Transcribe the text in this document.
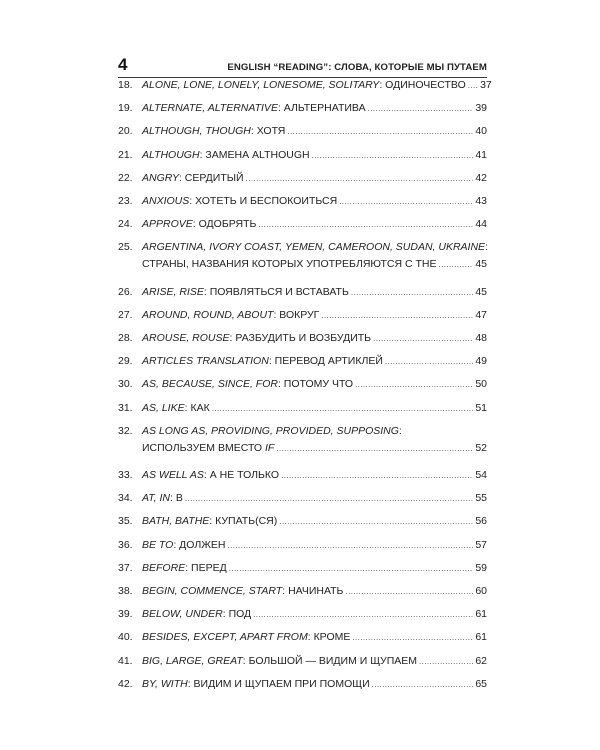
4	ENGLISH “READING”: СЛОВА, КОТОРЫЕ МЫ ПУТАЕМ
18. ALONE, LONE, LONELY, LONESOME, SOLITARY: ОДИНОЧЕСТВО ..... 37
19. ALTERNATE, ALTERNATIVE: АЛЬТЕРНАТИВА .....	39
20. ALTHOUGH, THOUGH: ХОТЯ .....	40
21. ALTHOUGH: ЗАМЕНА ALTHOUGH .....	41
22. ANGRY: СЕРДИТЫЙ .....	42
23. ANXIOUS: ХОТЕТЬ И БЕСПОКОИТЬСЯ .....	43
24. APPROVE: ОДОБРЯТЬ .....	44
25. ARGENTINA, IVORY COAST, YEMEN, CAMEROON, SUDAN, UKRAINE:
СТРАНЫ, НАЗВАНИЯ КОТОРЫХ УПОТРЕБЛЯЮТСЯ С THE .....	45
26. ARISE, RISE: ПОЯВЛЯТЬСЯ И ВСТАВАТЬ .....	45
27. AROUND, ROUND, ABOUT: ВОКРУГ .....	47
28. AROUSE, ROUSE: РАЗБУДИТЬ И ВОЗБУДИТЬ .....	48
29. ARTICLES TRANSLATION: ПЕРЕВОД АРТИКЛЕЙ .....	49
30. AS, BECAUSE, SINCE, FOR: ПОТОМУ ЧТО .....	50
31. AS, LIKE: КАК .....	51
32. AS LONG AS, PROVIDING, PROVIDED, SUPPOSING:
ИСПОЛЬЗУЕМ ВМЕСТО IF .....	52
33. AS WELL AS: А НЕ ТОЛЬКО .....	54
34. AT, IN: В .....	55
35. BATH, BATHE: КУПАТЬ(СЯ) .....	56
36. BE TO: ДОЛЖЕН .....	57
37. BEFORE: ПЕРЕД .....	59
38. BEGIN, COMMENCE, START: НАЧИНАТЬ .....	60
39. BELOW, UNDER: ПОД .....	61
40. BESIDES, EXCEPT, APART FROM: КРОМЕ .....	61
41. BIG, LARGE, GREAT: БОЛЬШОЙ — ВИДИМ И ЩУПАЕМ .....	62
42. BY, WITH: ВИДИМ И ЩУПАЕМ ПРИ ПОМОЩИ .....	65
